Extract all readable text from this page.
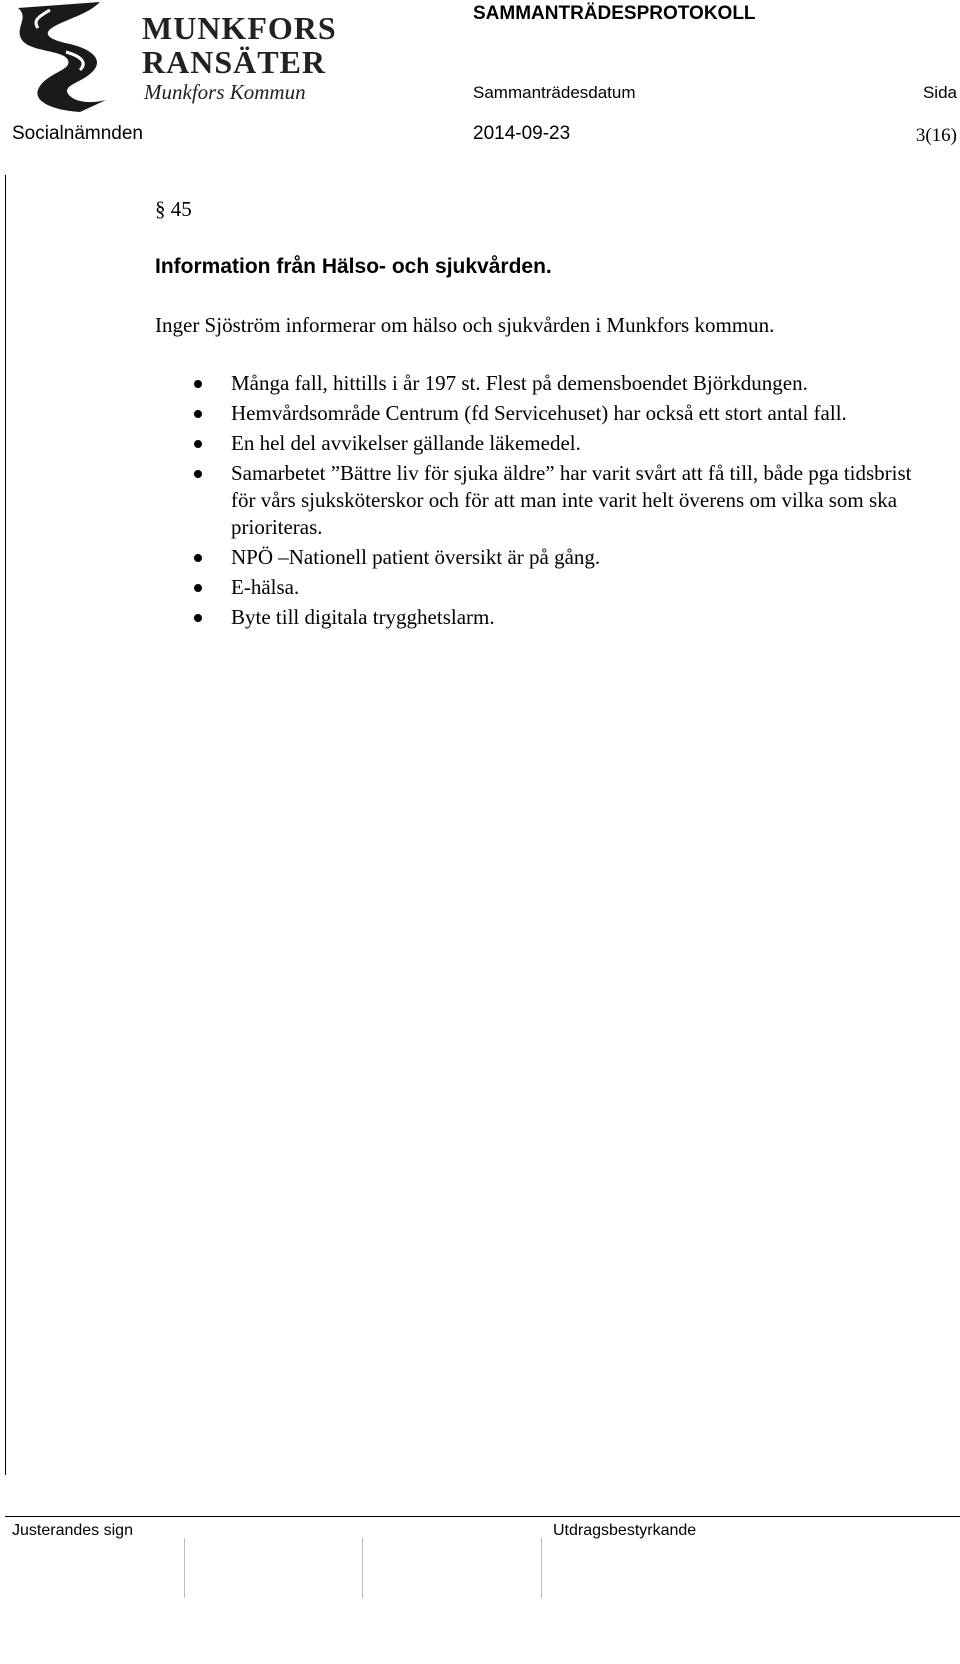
MUNKFORS
RANSÄTER
Munkfors Kommun
SAMMANTRÄDESPROTOKOLL
Sammanträdesdatum	Sida
Socialnämnden	2014-09-23	3(16)
§ 45
Information från Hälso- och sjukvården.
Inger Sjöström informerar om hälso och sjukvården i Munkfors kommun.
Många fall, hittills i år 197 st. Flest på demensboendet Björkdungen.
Hemvårdsområde Centrum (fd Servicehuset) har också ett stort antal fall.
En hel del avvikelser gällande läkemedel.
Samarbetet ”Bättre liv för sjuka äldre” har varit svårt att få till, både pga tidsbrist för vårs sjuksköterskor och för att man inte varit helt överens om vilka som ska prioriteras.
NPÖ –Nationell patient översikt är på gång.
E-hälsa.
Byte till digitala trygghetslarm.
Justerandes sign	Utdragsbestyrkande
